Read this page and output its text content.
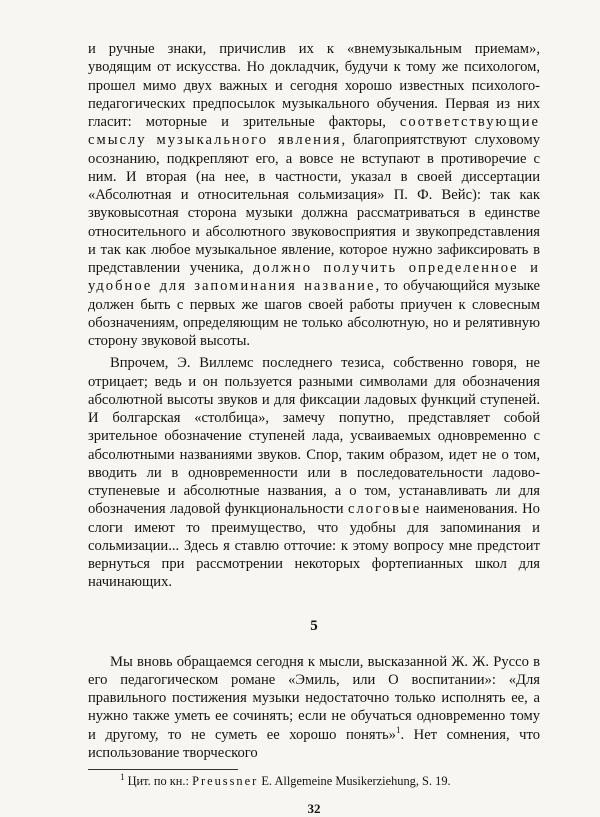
и ручные знаки, причислив их к «внемузыкальным приемам», уводящим от искусства. Но докладчик, будучи к тому же психологом, прошел мимо двух важных и сегодня хорошо известных психолого-педагогических предпосылок музыкального обучения. Первая из них гласит: моторные и зрительные факторы, соответствующие смыслу музыкального явления, благоприятствуют слуховому осознанию, подкрепляют его, а вовсе не вступают в противоречие с ним. И вторая (на нее, в частности, указал в своей диссертации «Абсолютная и относительная сольмизация» П. Ф. Вейс): так как звуковысотная сторона музыки должна рассматриваться в единстве относительного и абсолютного звуковосприятия и звукопредставления и так как любое музыкальное явление, которое нужно зафиксировать в представлении ученика, должно получить определенное и удобное для запоминания название, то обучающийся музыке должен быть с первых же шагов своей работы приучен к словесным обозначениям, определяющим не только абсолютную, но и релятивную сторону звуковой высоты.

Впрочем, Э. Виллемс последнего тезиса, собственно говоря, не отрицает; ведь и он пользуется разными символами для обозначения абсолютной высоты звуков и для фиксации ладовых функций ступеней. И болгарская «столбица», замечу попутно, представляет собой зрительное обозначение ступеней лада, усваиваемых одновременно с абсолютными названиями звуков. Спор, таким образом, идет не о том, вводить ли в одновременности или в последовательности ладово-ступеневые и абсолютные названия, а о том, устанавливать ли для обозначения ладовой функциональности слоговые наименования. Но слоги имеют то преимущество, что удобны для запоминания и сольмизации... Здесь я ставлю отточие: к этому вопросу мне предстоит вернуться при рассмотрении некоторых фортепианных школ для начинающих.

5

Мы вновь обращаемся сегодня к мысли, высказанной Ж. Ж. Руссо в его педагогическом романе «Эмиль, или О воспитании»: «Для правильного постижения музыки недостаточно только исполнять ее, а нужно также уметь ее сочинять; если не обучаться одновременно тому и другому, то не суметь ее хорошо понять»$^1$. Нет сомнения, что использование творческого

$^1$ Цит. по кн.: Preussner E. Allgemeine Musikerziehung, S. 19.
32
